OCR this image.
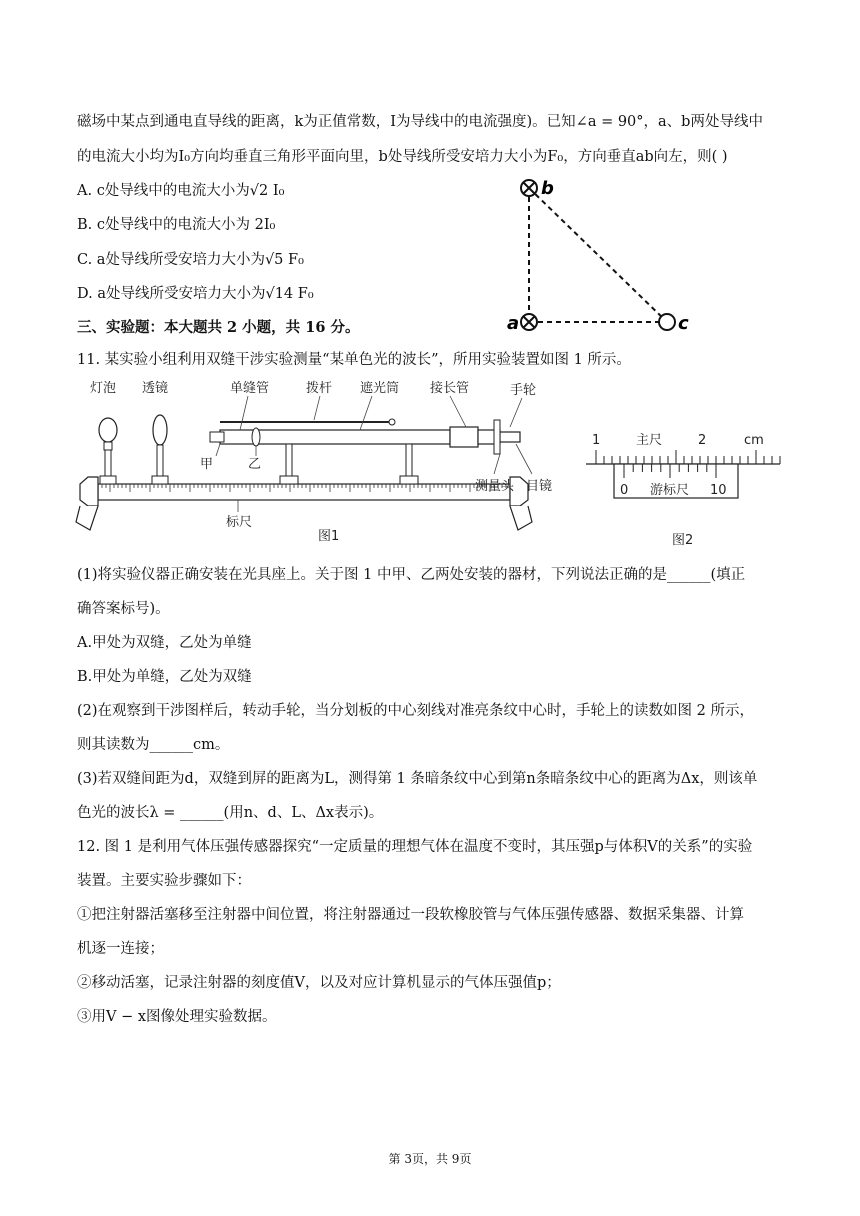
磁场中某点到通电直导线的距离，k为正值常数，I为导线中的电流强度)。已知∠a = 90°，a、b两处导线中
的电流大小均为I₀方向均垂直三角形平面向里，b处导线所受安培力大小为F₀，方向垂直ab向左，则( )
A. c处导线中的电流大小为√2 I₀
B. c处导线中的电流大小为 2I₀
C. a处导线所受安培力大小为√5 F₀
D. a处导线所受安培力大小为√14 F₀
三、实验题：本大题共 2 小题，共 16 分。
b
a	c
11. 某实验小组利用双缝干涉实验测量“某单色光的波长”，所用实验装置如图 1 所示。
灯泡 透镜	单缝管	拨杆 遮光筒 接长管	手轮
甲	乙
测量头 目镜
标尺
图1
1	主尺	2	cm
0 游标尺 10
图2
(1)将实验仪器正确安装在光具座上。关于图 1 中甲、乙两处安装的器材，下列说法正确的是______(填正
确答案标号)。
A.甲处为双缝，乙处为单缝
B.甲处为单缝，乙处为双缝
(2)在观察到干涉图样后，转动手轮，当分划板的中心刻线对准亮条纹中心时，手轮上的读数如图 2 所示，
则其读数为______cm。
(3)若双缝间距为d，双缝到屏的距离为L，测得第 1 条暗条纹中心到第n条暗条纹中心的距离为Δx，则该单
色光的波长λ = ______(用n、d、L、Δx表示)。
12. 图 1 是利用气体压强传感器探究“一定质量的理想气体在温度不变时，其压强p与体积V的关系”的实验
装置。主要实验步骤如下：
①把注射器活塞移至注射器中间位置，将注射器通过一段软橡胶管与气体压强传感器、数据采集器、计算
机逐一连接；
②移动活塞，记录注射器的刻度值V，以及对应计算机显示的气体压强值p；
③用V − x图像处理实验数据。
第 3页，共 9页
